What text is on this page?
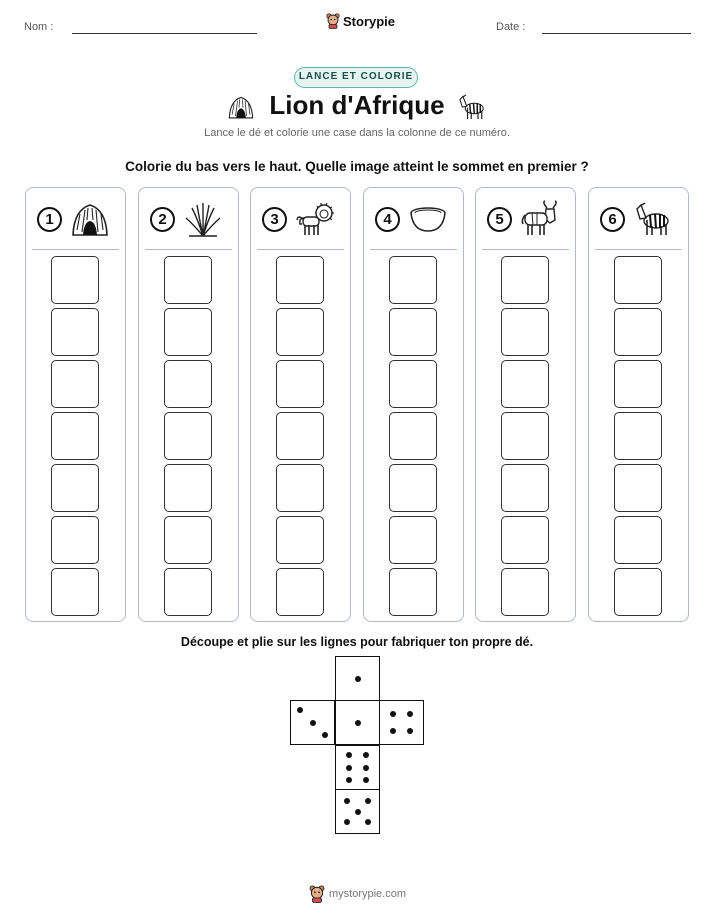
Nom :	Storypie	Date :
LANCE ET COLORIE
Lion d'Afrique
Lance le dé et colorie une case dans la colonne de ce numéro.
Colorie du bas vers le haut. Quelle image atteint le sommet en premier ?
1	2	3	4	5	6
Découpe et plie sur les lignes pour fabriquer ton propre dé.
mystorypie.com
